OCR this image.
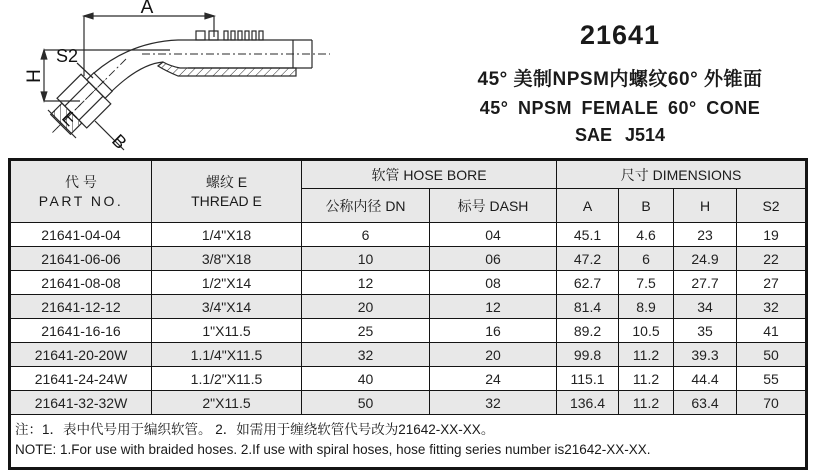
A
H
S2
E
B
21641
45° 美制NPSM内螺纹60° 外锥面
45° NPSM FEMALE 60° CONE
SAE J514
代 号
PART NO.

螺纹 E
THREAD E
	软管 HOSE BORE	尺寸 DIMENSIONS
		公称内径 DN	标号 DASH	A	B	H	S2
21641-04-04	1/4"X18	6	04	45.1	4.6	23	19
21641-06-06	3/8"X18	10	06	47.2	6	24.9	22
21641-08-08	1/2"X14	12	08	62.7	7.5	27.7	27
21641-12-12	3/4"X14	20	12	81.4	8.9	34	32
21641-16-16	1"X11.5	25	16	89.2	10.5	35	41
21641-20-20W	1.1/4"X11.5	32	20	99.8	11.2	39.3	50
21641-24-24W	1.1/2"X11.5	40	24	115.1	11.2	44.4	55
21641-32-32W	2"X11.5	50	32	136.4	11.2	63.4	70

注：1．表中代号用于编织软管。 2．如需用于缠绕软管代号改为21642-XX-XX。
NOTE: 1.For use with braided hoses. 2.If use with spiral hoses, hose fitting series number is21642-XX-XX.							
